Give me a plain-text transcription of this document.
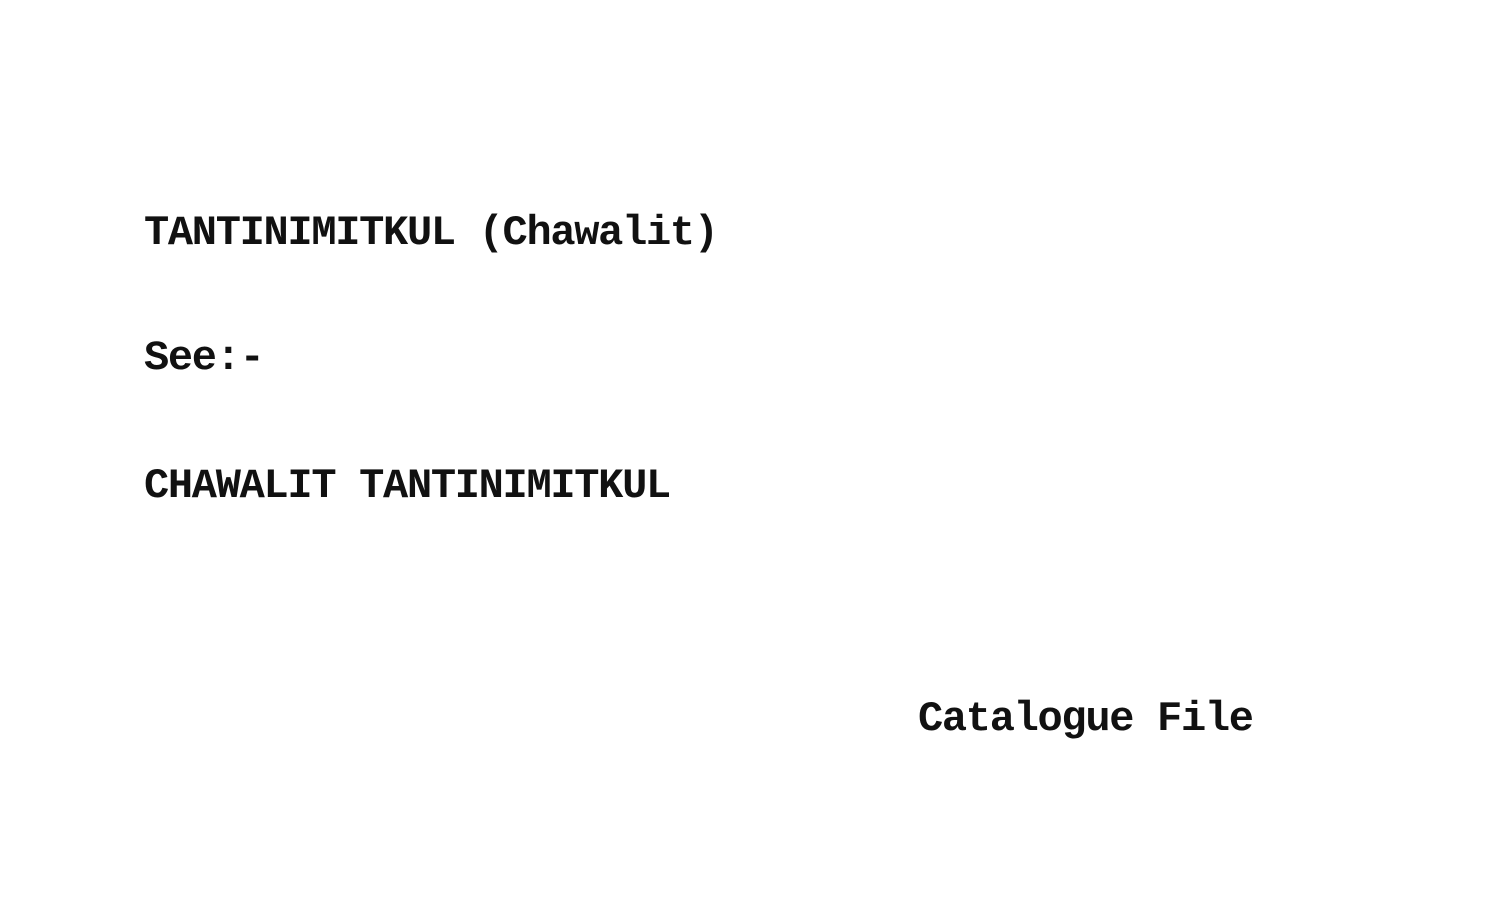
TANTINIMITKUL (Chawalit)
See:-
CHAWALIT TANTINIMITKUL
Catalogue File
